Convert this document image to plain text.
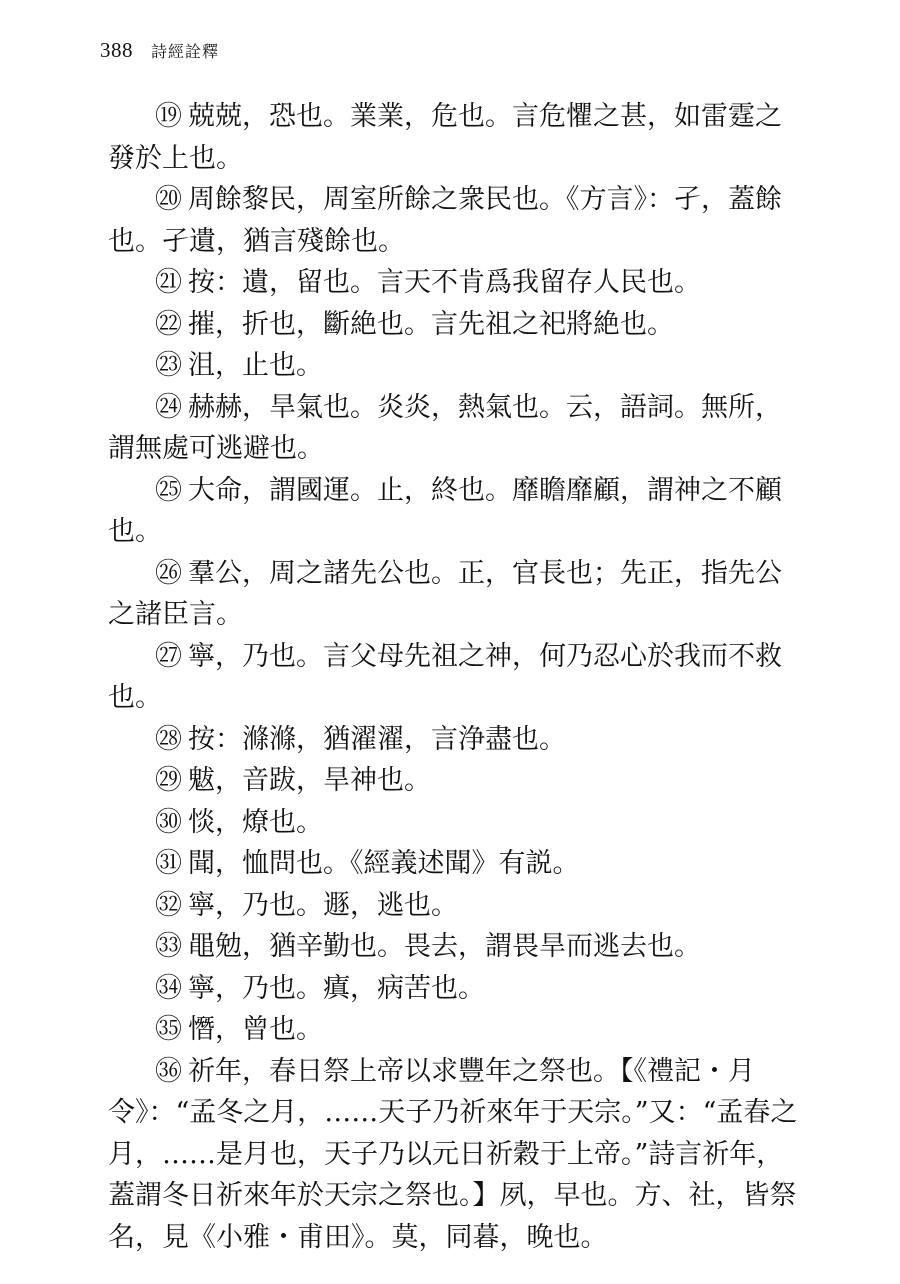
388 詩經詮釋

⑲ 兢兢，恐也。業業，危也。言危懼之甚，如雷霆之發於上也。

⑳ 周餘黎民，周室所餘之衆民也。《方言》：孑，蓋餘也。孑遺，猶言殘餘也。

㉑ 按：遺，留也。言天不肯爲我留存人民也。

㉒ 摧，折也，斷絶也。言先祖之祀將絶也。

㉓ 沮，止也。

㉔ 赫赫，旱氣也。炎炎，熱氣也。云，語詞。無所，謂無處可逃避也。

㉕ 大命，謂國運。止，終也。靡瞻靡顧，謂神之不顧也。

㉖ 羣公，周之諸先公也。正，官長也；先正，指先公之諸臣言。

㉗ 寧，乃也。言父母先祖之神，何乃忍心於我而不救也。

㉘ 按：滌滌，猶濯濯，言浄盡也。

㉙ 魃，音跋，旱神也。

㉚ 惔，燎也。

㉛ 聞，恤問也。《經義述聞》有説。

㉜ 寧，乃也。遯，逃也。

㉝ 黽勉，猶辛勤也。畏去，謂畏旱而逃去也。

㉞ 寧，乃也。瘨，病苦也。

㉟ 憯，曾也。

㊱ 祈年，春日祭上帝以求豐年之祭也。【《禮記・月令》：“孟冬之月，……天子乃祈來年于天宗。”又：“孟春之月，……是月也，天子乃以元日祈穀于上帝。”詩言祈年，蓋謂冬日祈來年於天宗之祭也。】夙，早也。方、社，皆祭名，見《小雅・甫田》。莫，同暮，晚也。
